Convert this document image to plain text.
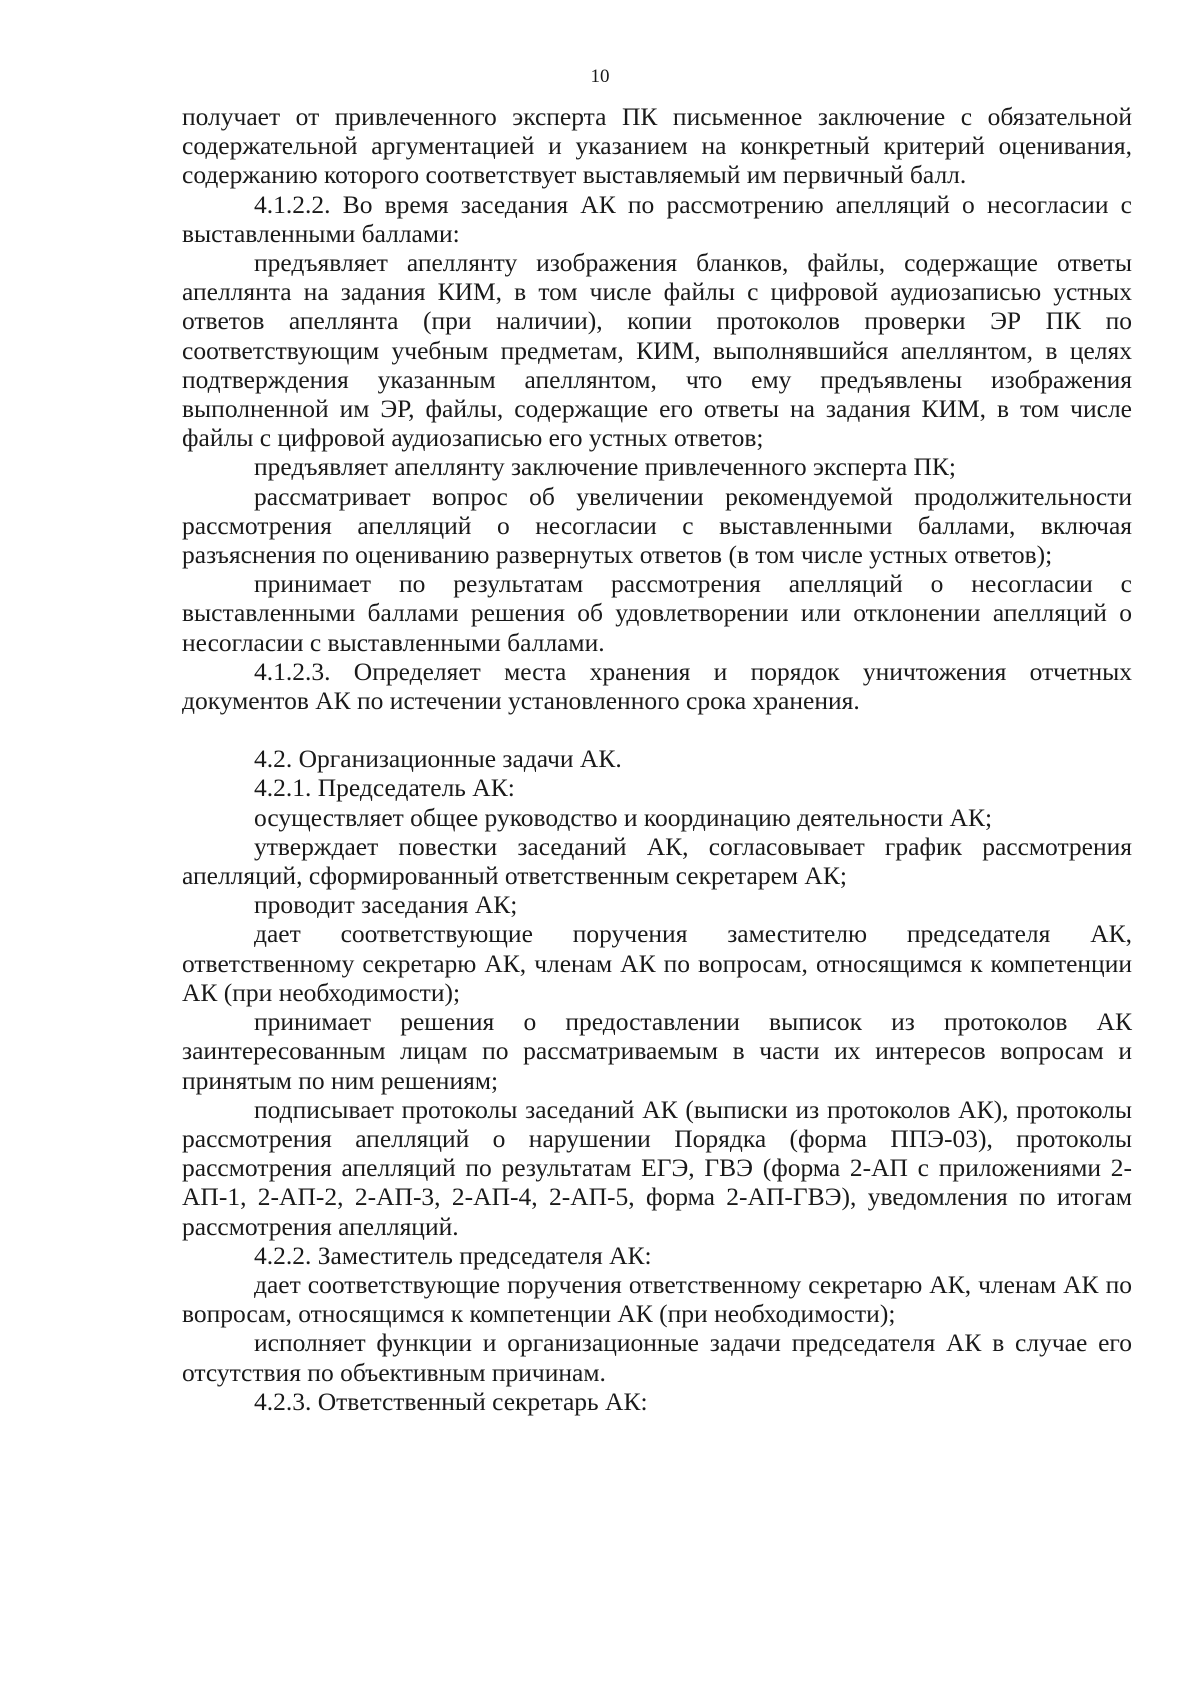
10

получает от привлеченного эксперта ПК письменное заключение с обязательной содержательной аргументацией и указанием на конкретный критерий оценивания, содержанию которого соответствует выставляемый им первичный балл.

4.1.2.2. Во время заседания АК по рассмотрению апелляций о несогласии с выставленными баллами:

предъявляет апеллянту изображения бланков, файлы, содержащие ответы апеллянта на задания КИМ, в том числе файлы с цифровой аудиозаписью устных ответов апеллянта (при наличии), копии протоколов проверки ЭР ПК по соответствующим учебным предметам, КИМ, выполнявшийся апеллянтом, в целях подтверждения указанным апеллянтом, что ему предъявлены изображения выполненной им ЭР, файлы, содержащие его ответы на задания КИМ, в том числе файлы с цифровой аудиозаписью его устных ответов;

предъявляет апеллянту заключение привлеченного эксперта ПК;

рассматривает вопрос об увеличении рекомендуемой продолжительности рассмотрения апелляций о несогласии с выставленными баллами, включая разъяснения по оцениванию развернутых ответов (в том числе устных ответов);

принимает по результатам рассмотрения апелляций о несогласии с выставленными баллами решения об удовлетворении или отклонении апелляций о несогласии с выставленными баллами.

4.1.2.3. Определяет места хранения и порядок уничтожения отчетных документов АК по истечении установленного срока хранения.

4.2. Организационные задачи АК.

4.2.1. Председатель АК:

осуществляет общее руководство и координацию деятельности АК;

утверждает повестки заседаний АК, согласовывает график рассмотрения апелляций, сформированный ответственным секретарем АК;

проводит заседания АК;

дает соответствующие поручения заместителю председателя АК, ответственному секретарю АК, членам АК по вопросам, относящимся к компетенции АК (при необходимости);

принимает решения о предоставлении выписок из протоколов АК заинтересованным лицам по рассматриваемым в части их интересов вопросам и принятым по ним решениям;

подписывает протоколы заседаний АК (выписки из протоколов АК), протоколы рассмотрения апелляций о нарушении Порядка (форма ППЭ-03), протоколы рассмотрения апелляций по результатам ЕГЭ, ГВЭ (форма 2-АП с приложениями 2-АП-1, 2-АП-2, 2-АП-3, 2-АП-4, 2-АП-5, форма 2-АП-ГВЭ), уведомления по итогам рассмотрения апелляций.

4.2.2. Заместитель председателя АК:

дает соответствующие поручения ответственному секретарю АК, членам АК по вопросам, относящимся к компетенции АК (при необходимости);

исполняет функции и организационные задачи председателя АК в случае его отсутствия по объективным причинам.

4.2.3. Ответственный секретарь АК:
